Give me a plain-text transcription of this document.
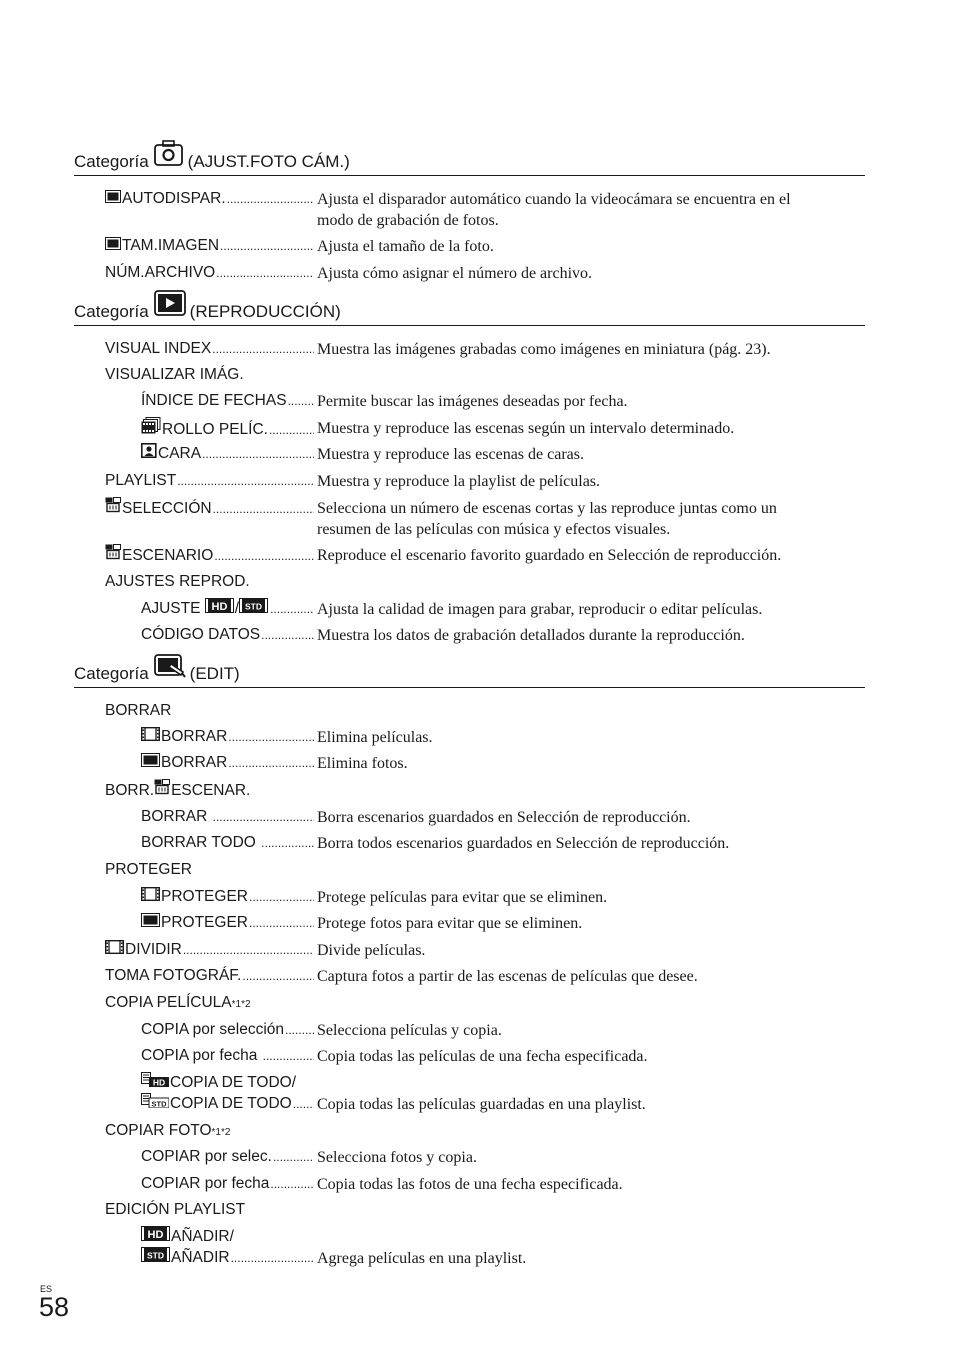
Categoría (AJUST.FOTO CÁM.)
AUTODISPAR. .....	Ajusta el disparador automático cuando la videocámara se encuentra en el
modo de grabación de fotos.
TAM.IMAGEN .....	Ajusta el tamaño de la foto.
NÚM.ARCHIVO .....	Ajusta cómo asignar el número de archivo.
Categoría (REPRODUCCIÓN)
VISUAL INDEX .....	Muestra las imágenes grabadas como imágenes en miniatura (pág. 23).
VISUALIZAR IMÁG.
ÍNDICE DE FECHAS ..... Permite buscar las imágenes deseadas por fecha.
ROLLO PELÍC. .....	Muestra y reproduce las escenas según un intervalo determinado.
CARA .....	Muestra y reproduce las escenas de caras.
PLAYLIST .....	Muestra y reproduce la playlist de películas.
SELECCIÓN .....	Selecciona un número de escenas cortas y las reproduce juntas como un
resumen de las películas con música y efectos visuales.
ESCENARIO .....	Reproduce el escenario favorito guardado en Selección de reproducción.
AJUSTES REPROD.
AJUSTE
HD / STD .....	Ajusta la calidad de imagen para grabar, reproducir o editar películas.
CÓDIGO DATOS .....	Muestra los datos de grabación detallados durante la reproducción.
Categoría (EDIT)
BORRAR
BORRAR .....	Elimina películas.
BORRAR .....	Elimina fotos.
BORR. ESCENAR.
BORRAR
.....	Borra escenarios guardados en Selección de reproducción.
BORRAR TODO
.....	Borra todos escenarios guardados en Selección de reproducción.
PROTEGER
PROTEGER .....	Protege películas para evitar que se eliminen.
PROTEGER .....	Protege fotos para evitar que se eliminen.
DIVIDIR .....	Divide películas.
TOMA FOTOGRÁF. .....	Captura fotos a partir de las escenas de películas que desee.
COPIA PELÍCULA *1*2
COPIA por selección ..... Selecciona películas y copia.
COPIA por fecha
.....	Copia todas las películas de una fecha especificada.
HD COPIA DE TODO/
STD COPIA DE TODO ..... Copia todas las películas guardadas en una playlist.
COPIAR FOTO *1*2
COPIAR por selec. .....	Selecciona fotos y copia.
COPIAR por fecha .....	Copia todas las fotos de una fecha especificada.
EDICIÓN PLAYLIST
HD AÑADIR/
STD AÑADIR .....	Agrega películas en una playlist.
ES
58
